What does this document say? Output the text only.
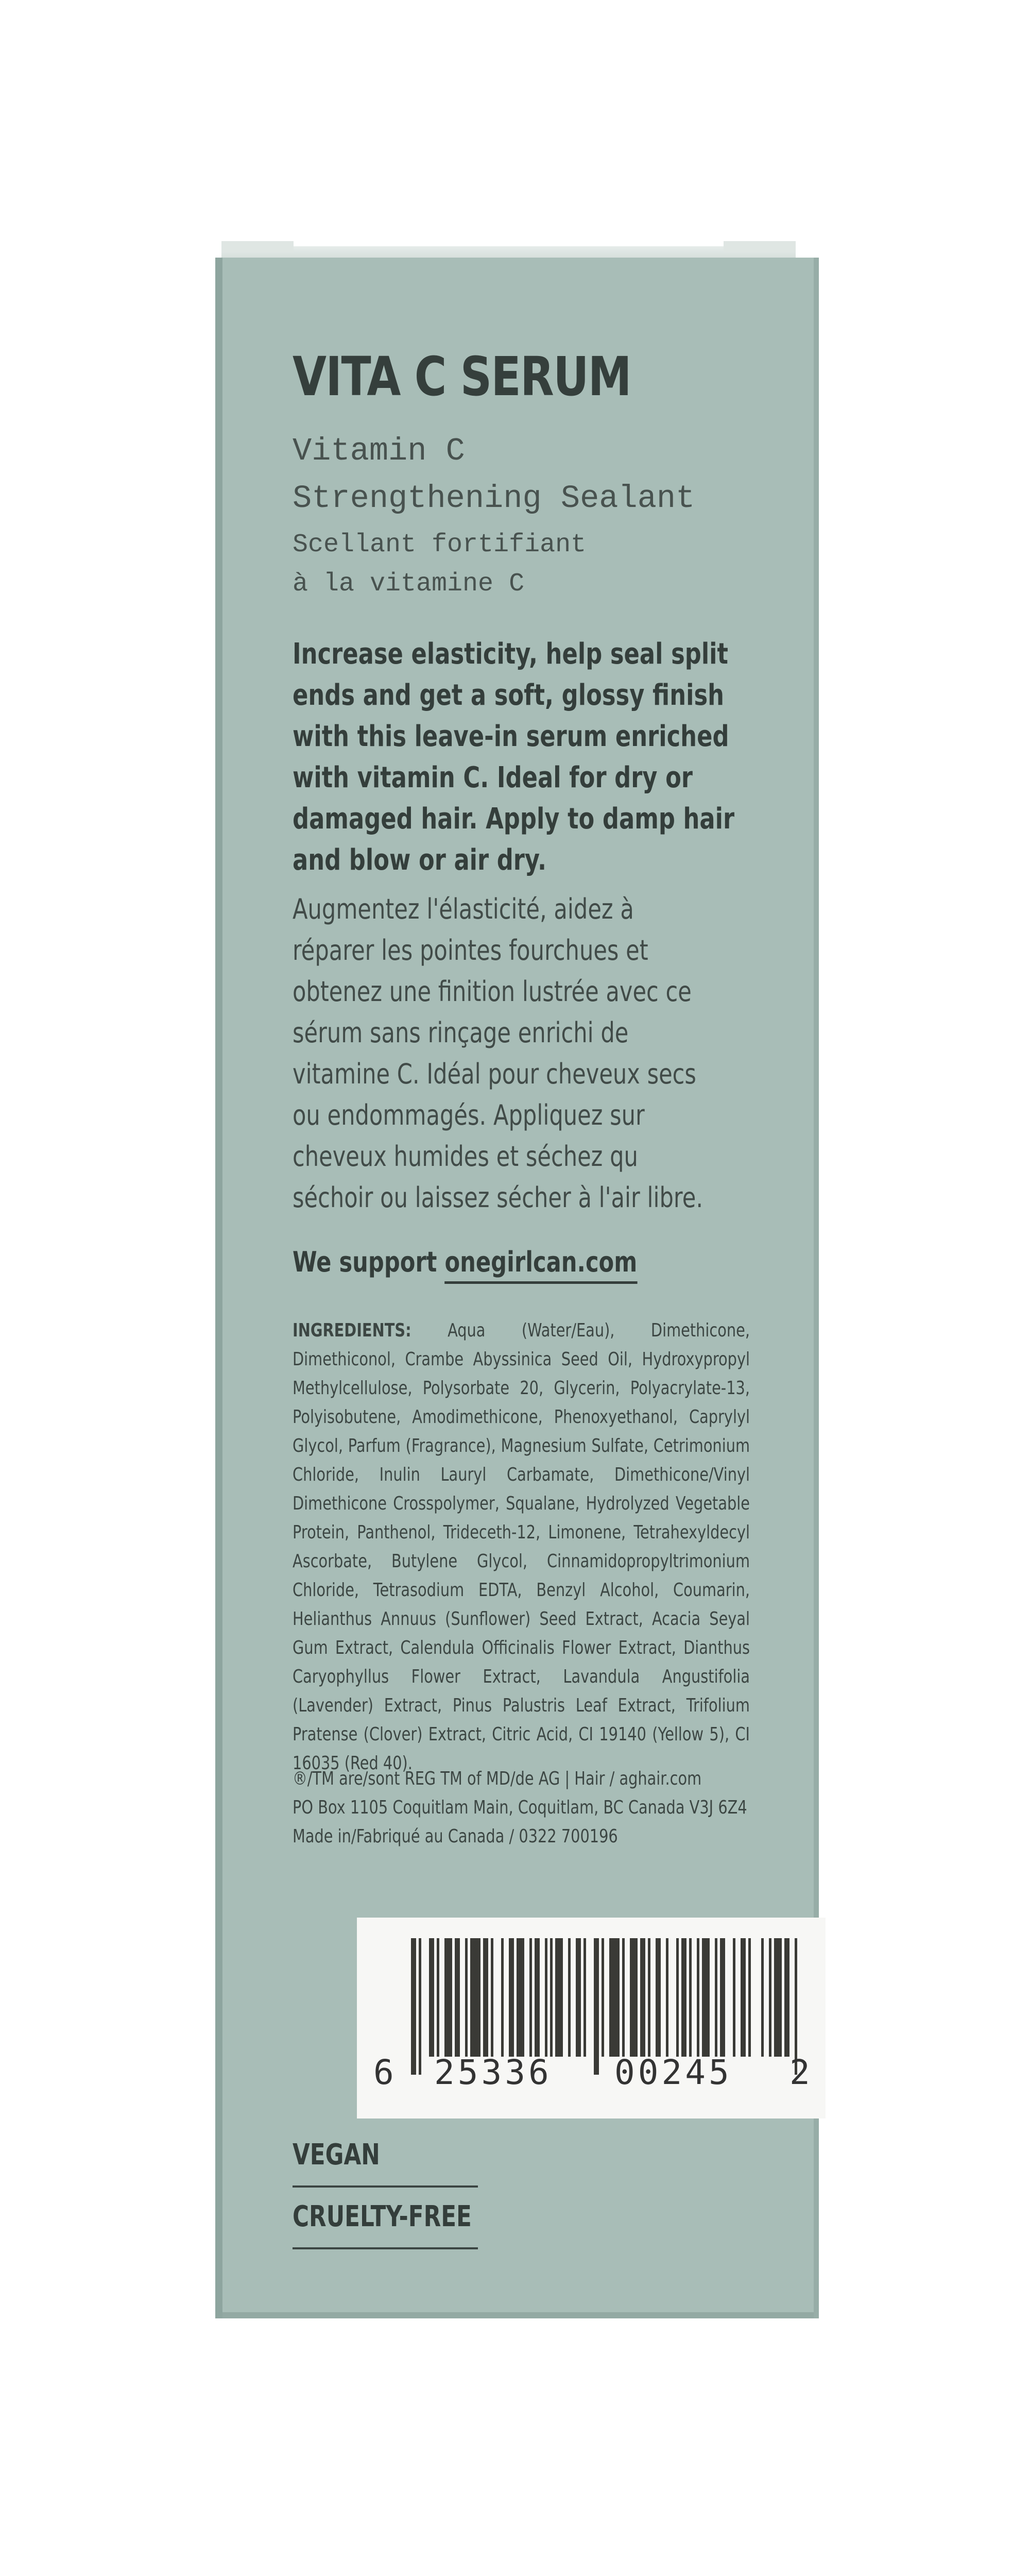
VITA C SERUM
Vitamin C
Strengthening Sealant
Scellant fortifiant
à la vitamine C
Increase elasticity, help seal split
ends and get a soft, glossy finish
with this leave-in serum enriched
with vitamin C. Ideal for dry or
damaged hair. Apply to damp hair
and blow or air dry.
Augmentez l'élasticité, aidez à
réparer les pointes fourchues et
obtenez une finition lustrée avec ce
sérum sans rinçage enrichi de
vitamine C. Idéal pour cheveux secs
ou endommagés. Appliquez sur
cheveux humides et séchez qu
séchoir ou laissez sécher à l'air libre.
We support onegirlcan.com
INGREDIENTS: Aqua (Water/Eau), Dimethicone, Dimethiconol, Crambe Abyssinica Seed Oil, Hydroxypropyl Methylcellulose, Polysorbate 20, Glycerin, Polyacrylate-13, Polyisobutene, Amodimethicone, Phenoxyethanol, Caprylyl Glycol, Parfum (Fragrance), Magnesium Sulfate, Cetrimonium Chloride, Inulin Lauryl Carbamate, Dimethicone/Vinyl Dimethicone Crosspolymer, Squalane, Hydrolyzed Vegetable Protein, Panthenol, Trideceth-12, Limonene, Tetrahexyldecyl Ascorbate, Butylene Glycol, Cinnamidopropyltrimonium Chloride, Tetrasodium EDTA, Benzyl Alcohol, Coumarin, Helianthus Annuus (Sunflower) Seed Extract, Acacia Seyal Gum Extract, Calendula Officinalis Flower Extract, Dianthus Caryophyllus Flower Extract, Lavandula Angustifolia (Lavender) Extract, Pinus Palustris Leaf Extract, Trifolium Pratense (Clover) Extract, Citric Acid, CI 19140 (Yellow 5), CI 16035 (Red 40).
®/TM are/sont REG TM of MD/de AG | Hair / aghair.com
PO Box 1105 Coquitlam Main, Coquitlam, BC Canada V3J 6Z4
Made in/Fabriqué au Canada / 0322 700196
6 25336 00245 2
VEGAN
CRUELTY-FREE
